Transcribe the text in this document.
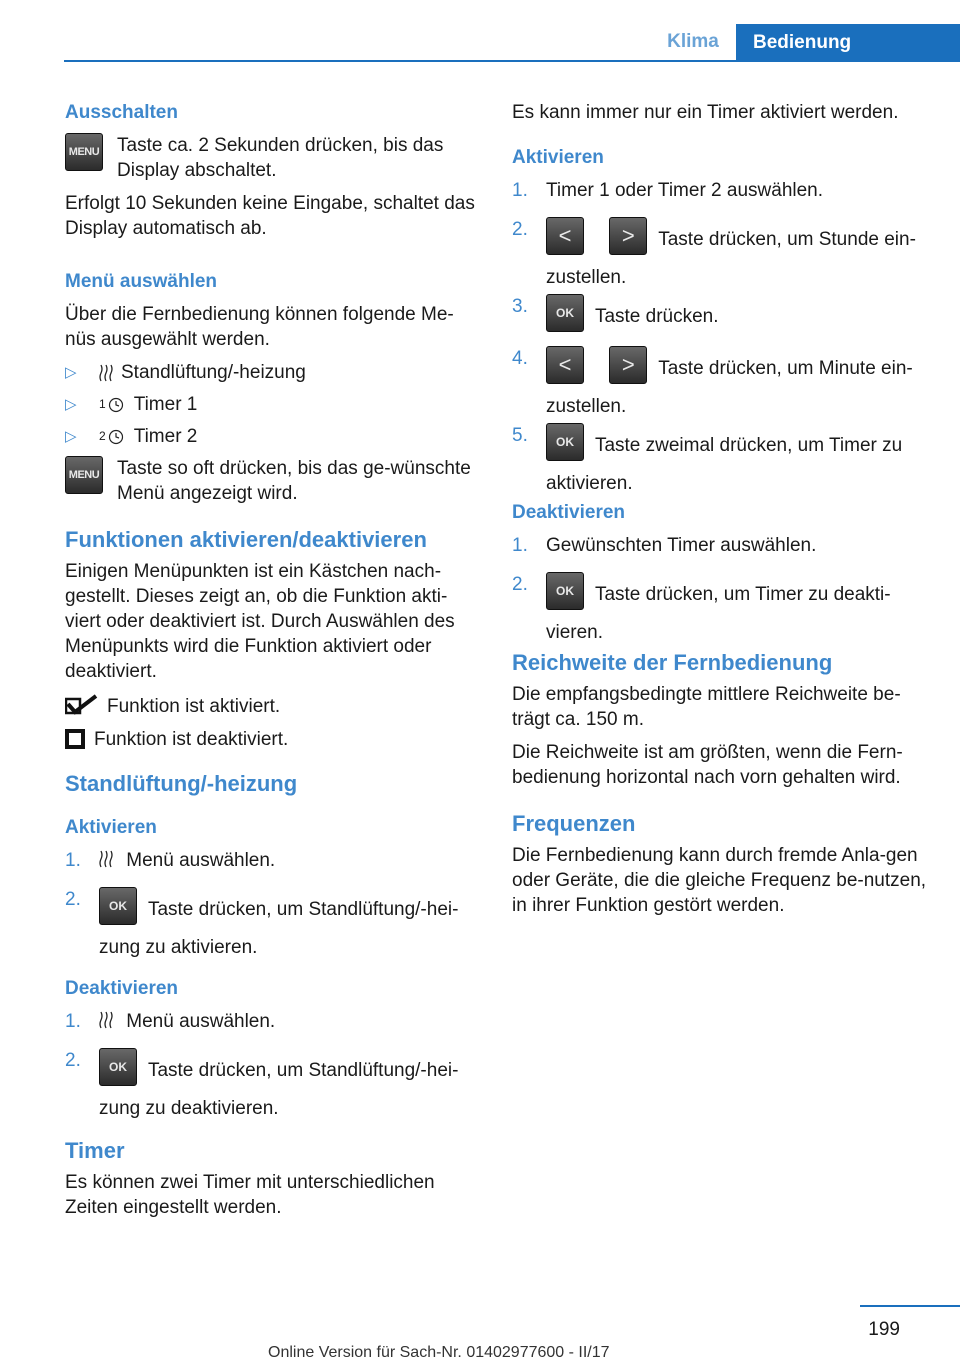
Klima	Bedienung
Ausschalten
MENU Taste ca. 2 Sekunden drücken, bis das Display abschaltet.

Erfolgt 10 Sekunden keine Eingabe, schaltet das Display automatisch ab.

Menü auswählen

Über die Fernbedienung können folgende Me‐nüs ausgewählt werden.

▷	Standlüftung/-heizung
▷	1 Timer 1
▷	2 Timer 2
MENU Taste so oft drücken, bis das ge‐wünschte Menü angezeigt wird.
Funktionen aktivieren/deaktivieren

Einigen Menüpunkten ist ein Kästchen nach‐gestellt. Dieses zeigt an, ob die Funktion akti‐viert oder deaktiviert ist. Durch Auswählen des Menüpunkts wird die Funktion aktiviert oder deaktiviert.

Funktion ist aktiviert.
Funktion ist deaktiviert.
Standlüftung/-heizung
Aktivieren
1. Menü auswählen.
2. OK Taste drücken, um Standlüftung/-hei‐zung zu aktivieren.
Deaktivieren
1. Menü auswählen.
2. OK Taste drücken, um Standlüftung/-hei‐zung zu deaktivieren.
Timer

Es können zwei Timer mit unterschiedlichen Zeiten eingestellt werden.

Es kann immer nur ein Timer aktiviert werden.

Aktivieren
1. Timer 1 oder Timer 2 auswählen.
2. < > Taste drücken, um Stunde ein‐zustellen.
3. OK Taste drücken.
4. < > Taste drücken, um Minute ein‐zustellen.
5. OK Taste zweimal drücken, um Timer zu aktivieren.
Deaktivieren
1. Gewünschten Timer auswählen.
2. OK Taste drücken, um Timer zu deakti‐vieren.
Reichweite der Fernbedienung

Die empfangsbedingte mittlere Reichweite be‐trägt ca. 150 m.

Die Reichweite ist am größten, wenn die Fern‐bedienung horizontal nach vorn gehalten wird.

Frequenzen

Die Fernbedienung kann durch fremde Anla‐gen oder Geräte, die die gleiche Frequenz be‐nutzen, in ihrer Funktion gestört werden.

199
Online Version für Sach-Nr. 01402977600 - II/17
